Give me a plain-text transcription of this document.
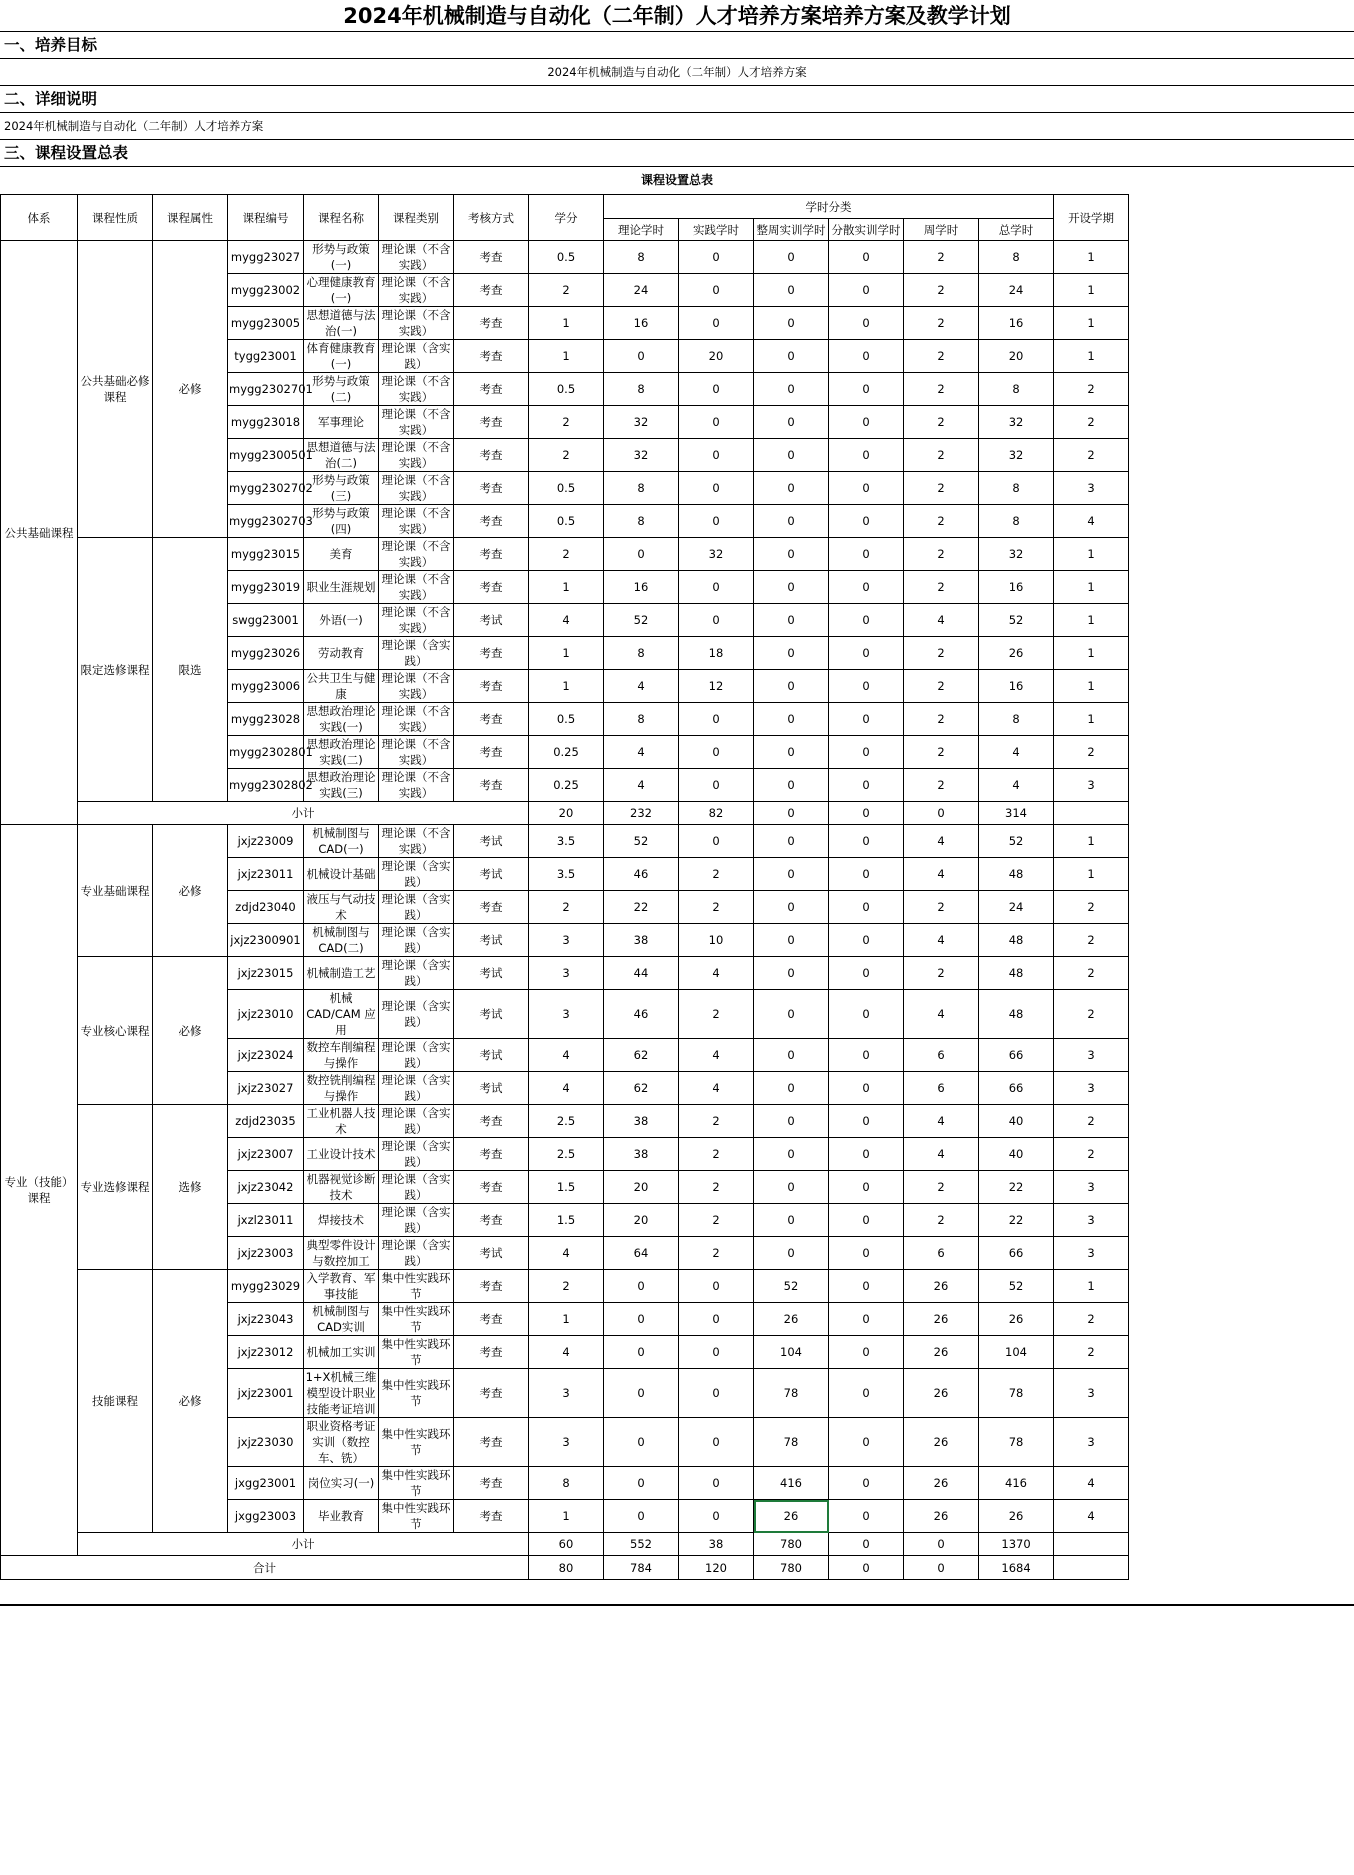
2024年机械制造与自动化（二年制）人才培养方案培养方案及教学计划
一、培养目标
2024年机械制造与自动化（二年制）人才培养方案
二、详细说明
2024年机械制造与自动化（二年制）人才培养方案
三、课程设置总表
课程设置总表
体系	课程性质	课程属性	课程编号	课程名称	课程类别	考核方式	学分	学时分类						开设学期
								理论学时	实践学时	整周实训学时	分散实训学时	周学时	总学时	
公共基础课程	公共基础必修课程	必修	mygg23027	形势与政策(一)	理论课（不含实践）	考查	0.5	8	0	0	0	2	8	1
			mygg23002	心理健康教育(一)	理论课（不含实践）	考查	2	24	0	0	0	2	24	1
			mygg23005	思想道德与法治(一)	理论课（不含实践）	考查	1	16	0	0	0	2	16	1
			tygg23001	体育健康教育(一)	理论课（含实践）	考查	1	0	20	0	0	2	20	1
			mygg2302701	形势与政策(二)	理论课（不含实践）	考查	0.5	8	0	0	0	2	8	2
			mygg23018	军事理论	理论课（不含实践）	考查	2	32	0	0	0	2	32	2
			mygg2300501	思想道德与法治(二)	理论课（不含实践）	考查	2	32	0	0	0	2	32	2
			mygg2302702	形势与政策(三)	理论课（不含实践）	考查	0.5	8	0	0	0	2	8	3
			mygg2302703	形势与政策(四)	理论课（不含实践）	考查	0.5	8	0	0	0	2	8	4
	限定选修课程	限选	mygg23015	美育	理论课（不含实践）	考查	2	0	32	0	0	2	32	1
			mygg23019	职业生涯规划	理论课（不含实践）	考查	1	16	0	0	0	2	16	1
			swgg23001	外语(一)	理论课（不含实践）	考试	4	52	0	0	0	4	52	1
			mygg23026	劳动教育	理论课（含实践）	考查	1	8	18	0	0	2	26	1
			mygg23006	公共卫生与健康	理论课（不含实践）	考查	1	4	12	0	0	2	16	1
			mygg23028	思想政治理论实践(一)	理论课（不含实践）	考查	0.5	8	0	0	0	2	8	1
			mygg2302801	思想政治理论实践(二)	理论课（不含实践）	考查	0.25	4	0	0	0	2	4	2
			mygg2302802	思想政治理论实践(三)	理论课（不含实践）	考查	0.25	4	0	0	0	2	4	3
	小计						20	232	82	0	0	0	314	
专业（技能）课程	专业基础课程	必修	jxjz23009	机械制图与CAD(一)	理论课（不含实践）	考试	3.5	52	0	0	0	4	52	1
			jxjz23011	机械设计基础	理论课（含实践）	考试	3.5	46	2	0	0	4	48	1
			zdjd23040	液压与气动技术	理论课（含实践）	考查	2	22	2	0	0	2	24	2
			jxjz2300901	机械制图与CAD(二)	理论课（含实践）	考试	3	38	10	0	0	4	48	2
	专业核心课程	必修	jxjz23015	机械制造工艺	理论课（含实践）	考试	3	44	4	0	0	2	48	2
			jxjz23010	机械CAD/CAM 应用	理论课（含实践）	考试	3	46	2	0	0	4	48	2
			jxjz23024	数控车削编程与操作	理论课（含实践）	考试	4	62	4	0	0	6	66	3
			jxjz23027	数控铣削编程与操作	理论课（含实践）	考试	4	62	4	0	0	6	66	3
	专业选修课程	选修	zdjd23035	工业机器人技术	理论课（含实践）	考查	2.5	38	2	0	0	4	40	2
			jxjz23007	工业设计技术	理论课（含实践）	考查	2.5	38	2	0	0	4	40	2
			jxjz23042	机器视觉诊断技术	理论课（含实践）	考查	1.5	20	2	0	0	2	22	3
			jxzl23011	焊接技术	理论课（含实践）	考查	1.5	20	2	0	0	2	22	3
			jxjz23003	典型零件设计与数控加工	理论课（含实践）	考试	4	64	2	0	0	6	66	3
	技能课程	必修	mygg23029	入学教育、军事技能	集中性实践环节	考查	2	0	0	52	0	26	52	1
			jxjz23043	机械制图与CAD实训	集中性实践环节	考查	1	0	0	26	0	26	26	2
			jxjz23012	机械加工实训	集中性实践环节	考查	4	0	0	104	0	26	104	2
			jxjz23001	1+X机械三维模型设计职业技能考证培训	集中性实践环节	考查	3	0	0	78	0	26	78	3
			jxjz23030	职业资格考证实训（数控车、铣）	集中性实践环节	考查	3	0	0	78	0	26	78	3
			jxgg23001	岗位实习(一)	集中性实践环节	考查	8	0	0	416	0	26	416	4
			jxgg23003	毕业教育	集中性实践环节	考查	1	0	0	26	0	26	26	4
	小计						60	552	38	780	0	0	1370	
合计							80	784	120	780	0	0	1684	
